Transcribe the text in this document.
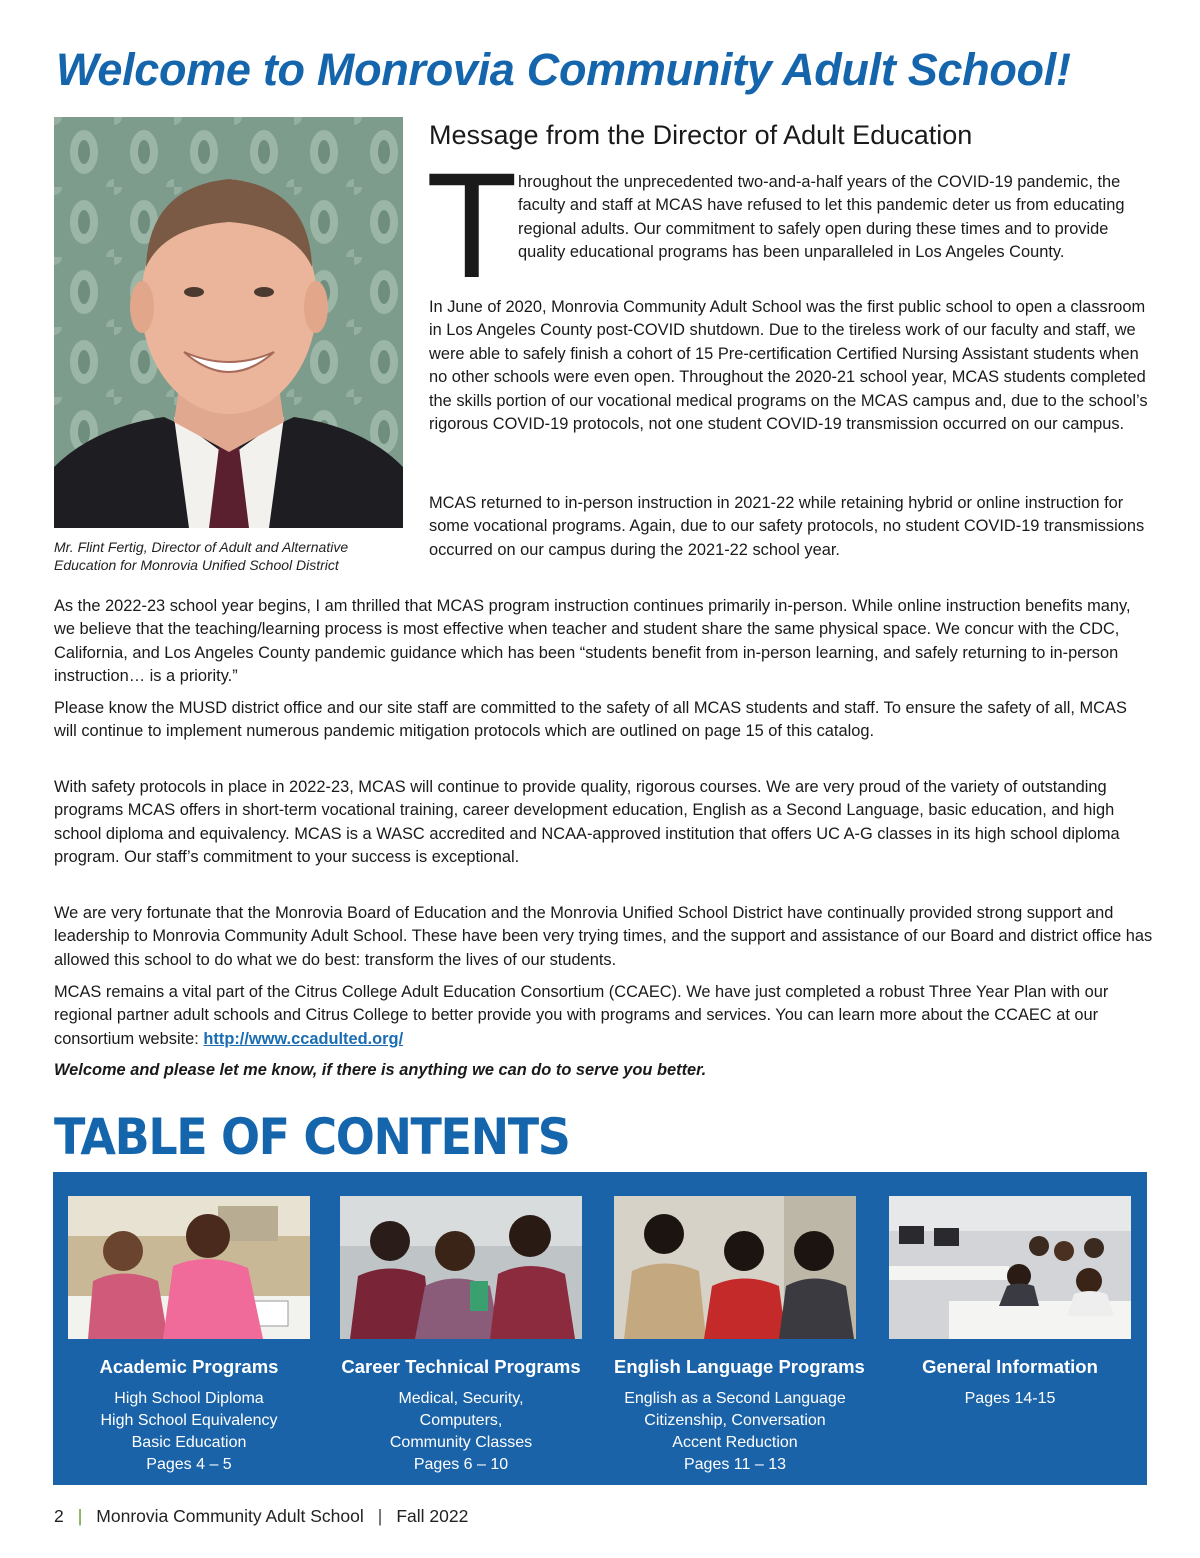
Welcome to Monrovia Community Adult School!
Mr. Flint Fertig, Director of Adult and Alternative
Education for Monrovia Unified School District
Message from the Director of Adult Education
T hroughout the unprecedented two-and-a-half years of the COVID-19 pandemic, the faculty and staff at MCAS have refused to let this pandemic deter us from educating regional adults. Our commitment to safely open during these times and to provide quality educational programs has been unparalleled in Los Angeles County.

In June of 2020, Monrovia Community Adult School was the first public school to open a classroom in Los Angeles County post-COVID shutdown. Due to the tireless work of our faculty and staff, we were able to safely finish a cohort of 15 Pre-certification Certified Nursing Assistant students when no other schools were even open. Throughout the 2020-21 school year, MCAS students completed the skills portion of our vocational medical programs on the MCAS campus and, due to the school’s rigorous COVID-19 protocols, not one student COVID-19 transmission occurred on our campus.

MCAS returned to in-person instruction in 2021-22 while retaining hybrid or online instruction for some vocational programs. Again, due to our safety protocols, no student COVID-19 transmissions occurred on our campus during the 2021-22 school year.

As the 2022-23 school year begins, I am thrilled that MCAS program instruction continues primarily in-person. While online instruction benefits many, we believe that the teaching/learning process is most effective when teacher and student share the same physical space. We concur with the CDC, California, and Los Angeles County pandemic guidance which has been “students benefit from in-person learning, and safely returning to in-person instruction… is a priority.”

Please know the MUSD district office and our site staff are committed to the safety of all MCAS students and staff. To ensure the safety of all, MCAS will continue to implement numerous pandemic mitigation protocols which are outlined on page 15 of this catalog.

With safety protocols in place in 2022-23, MCAS will continue to provide quality, rigorous courses. We are very proud of the variety of outstanding programs MCAS offers in short-term vocational training, career development education, English as a Second Language, basic education, and high school diploma and equivalency. MCAS is a WASC accredited and NCAA-approved institution that offers UC A-G classes in its high school diploma program. Our staff’s commitment to your success is exceptional.

We are very fortunate that the Monrovia Board of Education and the Monrovia Unified School District have continually provided strong support and leadership to Monrovia Community Adult School. These have been very trying times, and the support and assistance of our Board and district office has allowed this school to do what we do best: transform the lives of our students.

MCAS remains a vital part of the Citrus College Adult Education Consortium (CCAEC). We have just completed a robust Three Year Plan with our regional partner adult schools and Citrus College to better provide you with programs and services. You can learn more about the CCAEC at our consortium website: http://www.ccadulted.org/

Welcome and please let me know, if there is anything we can do to serve you better.

TABLE OF CONTENTS
Academic Programs
High School Diploma
High School Equivalency
Basic Education
Pages 4 – 5
Career Technical Programs
Medical, Security,
Computers,
Community Classes
Pages 6 – 10
English Language Programs
English as a Second Language
Citizenship, Conversation
Accent Reduction
Pages 11 – 13
General Information
Pages 14-15
2 | Monrovia Community Adult School | Fall 2022
